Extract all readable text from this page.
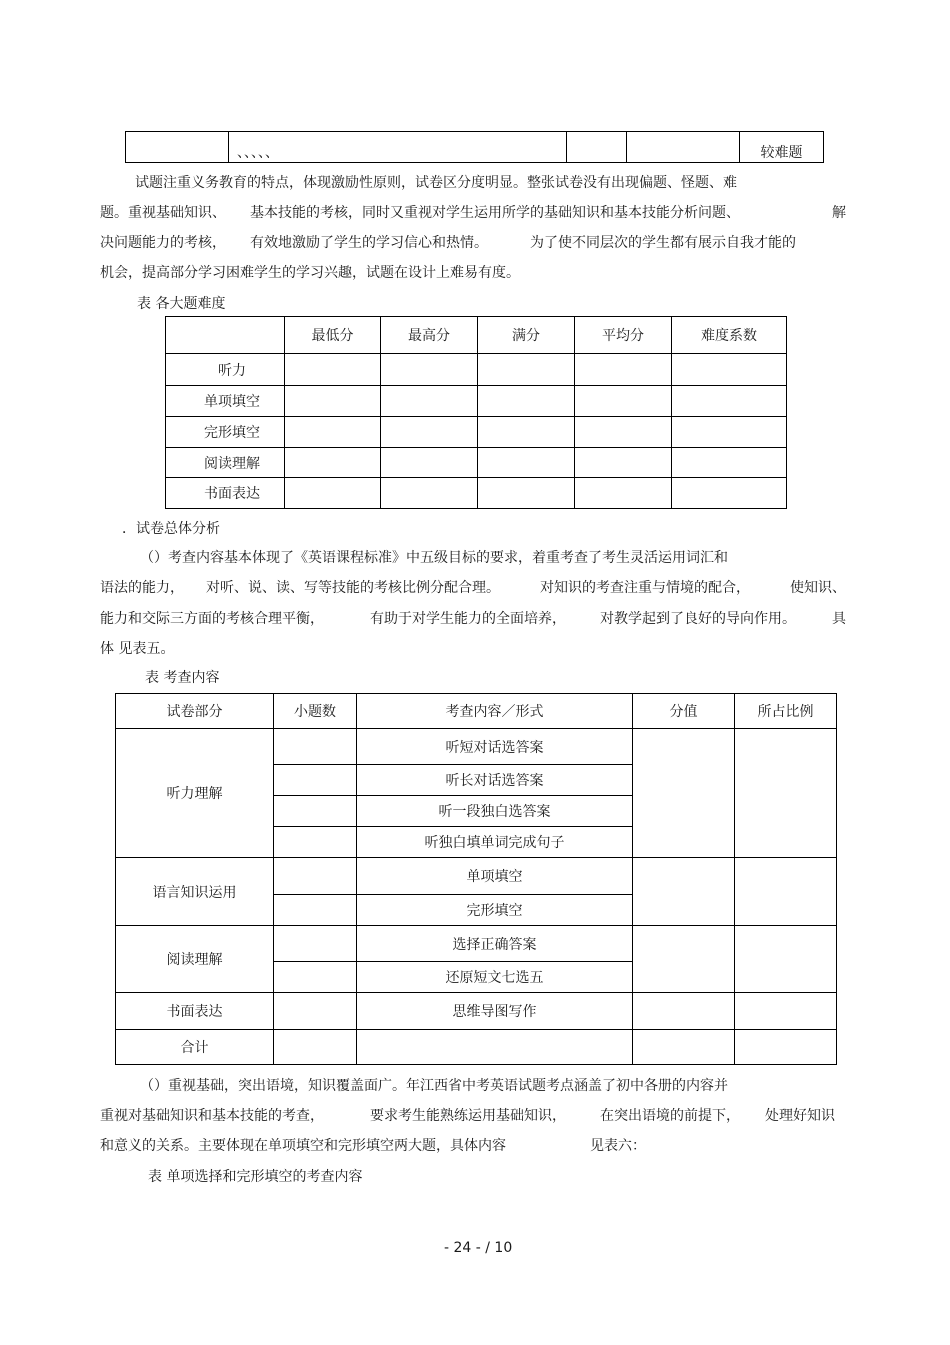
	、、、、、			较难题
试题注重义务教育的特点，体现激励性原则，试卷区分度明显。整张试卷没有出现偏题、怪题、难
题。重视基础知识、 基本技能的考核，同时又重视对学生运用所学的基础知识和基本技能分析问题、	解
决问题能力的考核， 有效地激励了学生的学习信心和热情。	为了使不同层次的学生都有展示自我才能的
机会，提高部分学习困难学生的学习兴趣，试题在设计上难易有度。
表 各大题难度
	最低分	最高分	满分	平均分	难度系数
听力					
单项填空					
完形填空					
阅读理解					
书面表达					
．试卷总体分析
（）考查内容基本体现了《英语课程标准》中五级目标的要求，着重考查了考生灵活运用词汇和
语法的能力， 对听、说、读、写等技能的考核比例分配合理。	对知识的考查注重与情境的配合，	使知识、
能力和交际三方面的考核合理平衡，	有助于对学生能力的全面培养， 对教学起到了良好的导向作用。	具
体 见表五。
表 考查内容
试卷部分	小题数	考查内容／形式	分值	所占比例
听力理解		听短对话选答案		
		听长对话选答案		
		听一段独白选答案		
		听独白填单词完成句子		
语言知识运用		单项填空		
		完形填空		
阅读理解		选择正确答案		
		还原短文七选五		
书面表达		思维导图写作		
合计				
（）重视基础，突出语境，知识覆盖面广。年江西省中考英语试题考点涵盖了初中各册的内容并
重视对基础知识和基本技能的考查，	要求考生能熟练运用基础知识， 在突出语境的前提下， 处理好知识
和意义的关系。主要体现在单项填空和完形填空两大题，具体内容	见表六：
表 单项选择和完形填空的考查内容
- 24 - / 10
